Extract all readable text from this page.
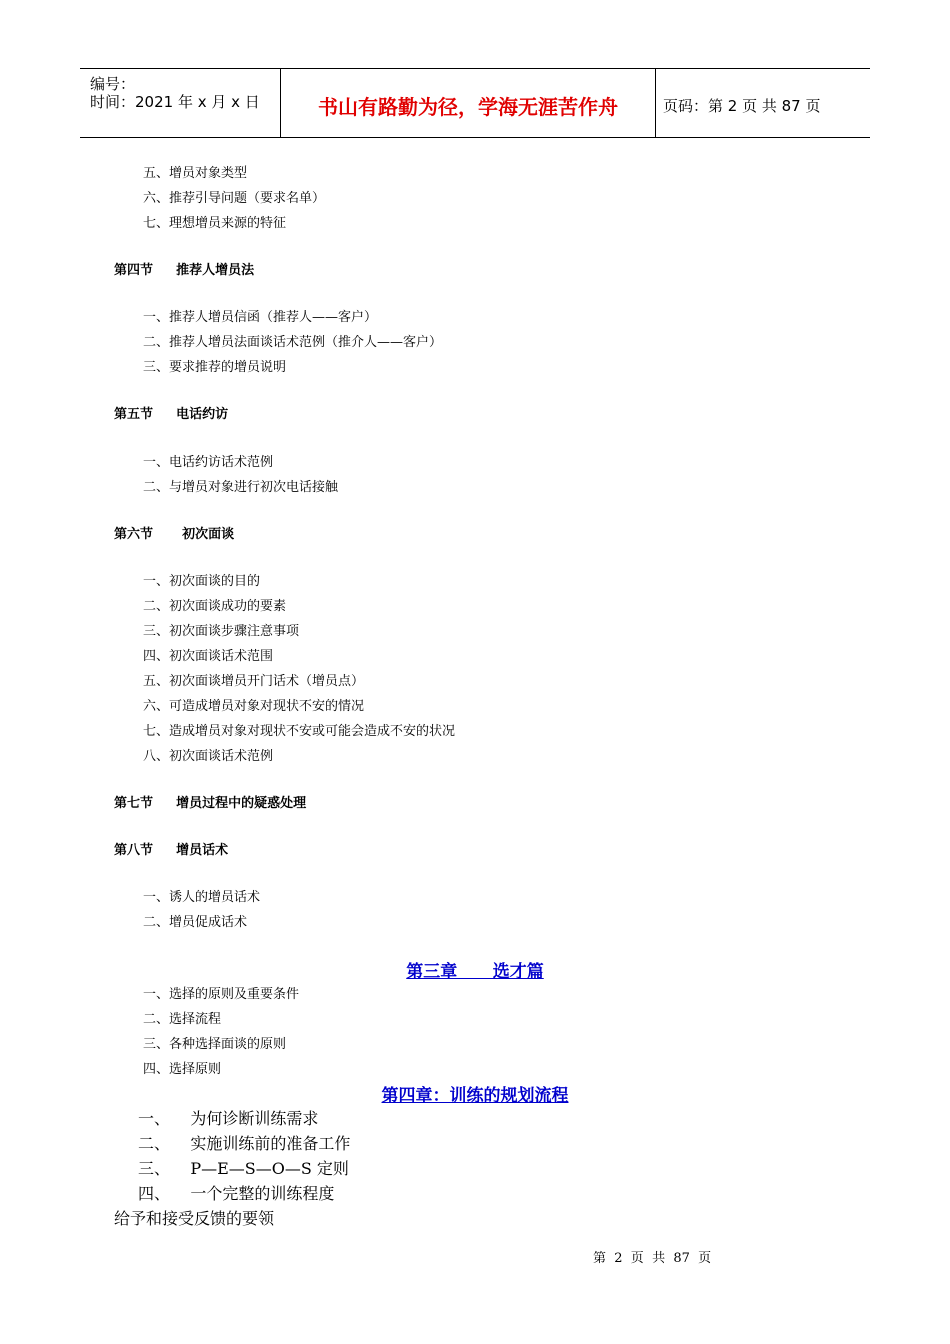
编号：
时间：2021 年 x 月 x 日	书山有路勤为径，学海无涯苦作舟	页码：第 2 页 共 87 页
五、增员对象类型
六、推荐引导问题（要求名单）
七、理想增员来源的特征
第四节 推荐人增员法
一、推荐人增员信函（推荐人——客户）
二、推荐人增员法面谈话术范例（推介人——客户）
三、要求推荐的增员说明
第五节 电话约访
一、电话约访话术范例
二、与增员对象进行初次电话接触
第六节 初次面谈
一、初次面谈的目的
二、初次面谈成功的要素
三、初次面谈步骤注意事项
四、初次面谈话术范围
五、初次面谈增员开门话术（增员点）
六、可造成增员对象对现状不安的情况
七、造成增员对象对现状不安或可能会造成不安的状况
八、初次面谈话术范例
第七节 增员过程中的疑惑处理
第八节 增员话术
一、诱人的增员话术
二、增员促成话术
第三章      选才篇
一、选择的原则及重要条件
二、选择流程
三、各种选择面谈的原则
四、选择原则
第四章：训练的规划流程
一、    为何诊断训练需求
二、    实施训练前的准备工作
三、    P—E—S—O—S 定则
四、    一个完整的训练程度
给予和接受反馈的要领
第  2  页  共  87  页
